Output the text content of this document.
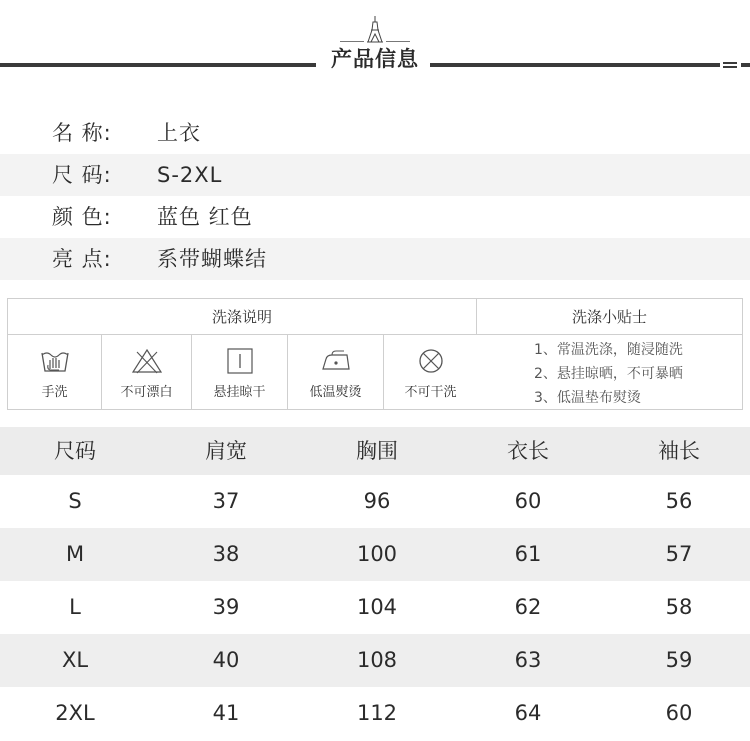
产品信息
名 称: 上衣
尺 码: S-2XL
颜 色: 蓝色 红色
亮 点: 系带蝴蝶结
洗涤说明	洗涤小贴士
手洗	不可漂白	悬挂晾干	低温熨烫	不可干洗
1、常温洗涤，随浸随洗
2、悬挂晾晒，不可暴晒
3、低温垫布熨烫
尺码	肩宽	胸围	衣长	袖长
S	37	96	60	56
M	38	100	61	57
L	39	104	62	58
XL	40	108	63	59
2XL	41	112	64	60
